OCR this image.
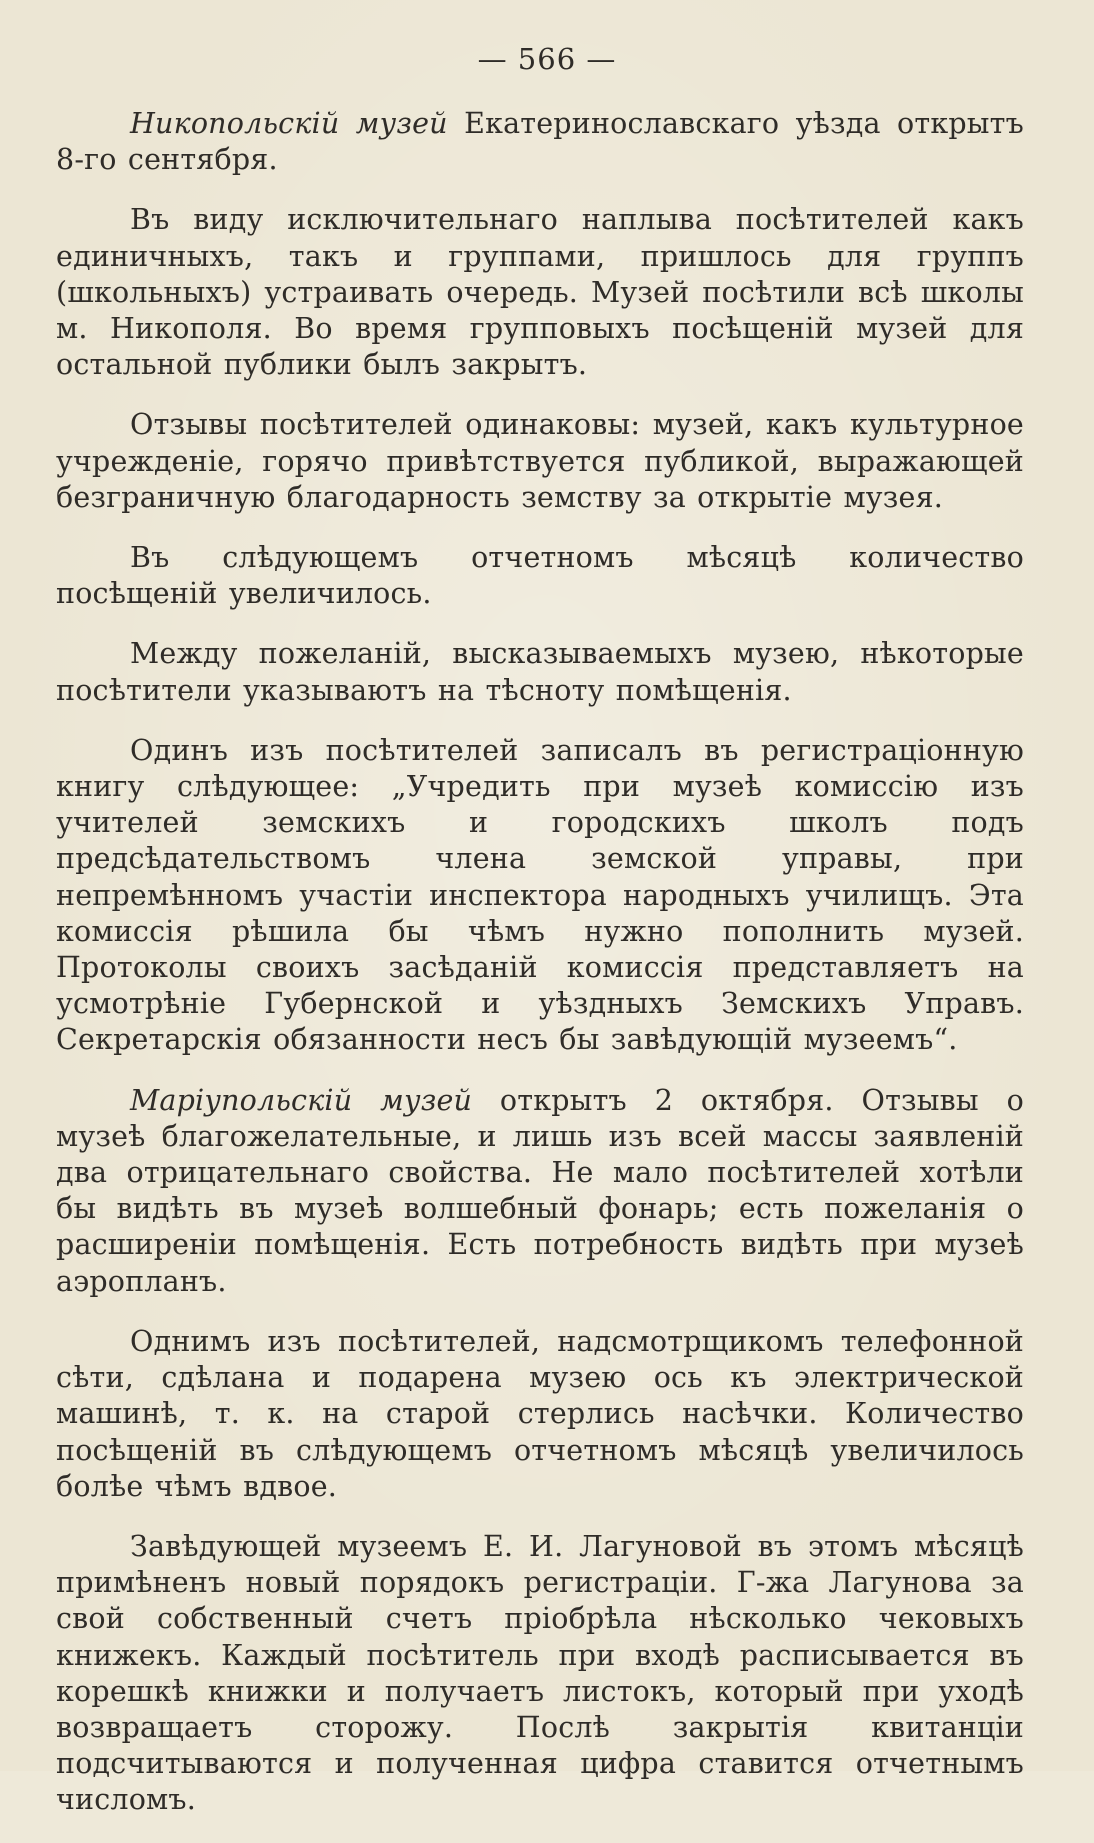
— 566 —

Никопольскій музей Екатеринославскаго уѣзда открытъ 8-го сентября.

Въ виду исключительнаго наплыва посѣтителей какъ единичныхъ, такъ и группами, пришлось для группъ (школьныхъ) устраивать очередь. Музей посѣтили всѣ школы м. Никополя. Во время групповыхъ посѣщеній музей для остальной публики былъ закрытъ.

Отзывы посѣтителей одинаковы: музей, какъ культурное учрежденіе, горячо привѣтствуется публикой, выражающей безграничную благодарность земству за открытіе музея.

Въ слѣдующемъ отчетномъ мѣсяцѣ количество посѣщеній увеличилось.

Между пожеланій, высказываемыхъ музею, нѣкоторые посѣтители указываютъ на тѣсноту помѣщенія.

Одинъ изъ посѣтителей записалъ въ регистраціонную книгу слѣдующее: „Учредить при музеѣ комиссію изъ учителей земскихъ и городскихъ школъ подъ предсѣдательствомъ члена земской управы, при непремѣнномъ участіи инспектора народныхъ училищъ. Эта комиссія рѣшила бы чѣмъ нужно пополнить музей. Протоколы своихъ засѣданій комиссія представляетъ на усмотрѣніе Губернской и уѣздныхъ Земскихъ Управъ. Секретарскія обязанности несъ бы завѣдующій музеемъ“.

Маріупольскій музей открытъ 2 октября. Отзывы о музеѣ благожелательные, и лишь изъ всей массы заявленій два отрицательнаго свойства. Не мало посѣтителей хотѣли бы видѣть въ музеѣ волшебный фонарь; есть пожеланія о расширеніи помѣщенія. Есть потребность видѣть при музеѣ аэропланъ.

Однимъ изъ посѣтителей, надсмотрщикомъ телефонной сѣти, сдѣлана и подарена музею ось къ электрической машинѣ, т. к. на старой стерлись насѣчки. Количество посѣщеній въ слѣдующемъ отчетномъ мѣсяцѣ увеличилось болѣе чѣмъ вдвое.

Завѣдующей музеемъ Е. И. Лагуновой въ этомъ мѣсяцѣ примѣненъ новый порядокъ регистраціи. Г-жа Лагунова за свой собственный счетъ пріобрѣла нѣсколько чековыхъ книжекъ. Каждый посѣтитель при входѣ расписывается въ корешкѣ книжки и получаетъ листокъ, который при уходѣ возвращаетъ сторожу. Послѣ закрытія квитанціи подсчитываются и полученная цифра ставится отчетнымъ числомъ.
